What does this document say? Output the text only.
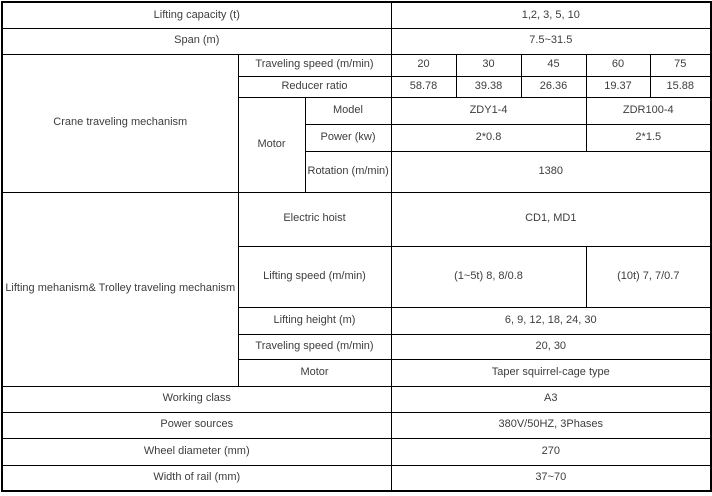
Lifting capacity (t)			1,2, 3, 5, 10				
Span (m)			7.5~31.5				
Crane traveling mechanism	Traveling speed (m/min)		20	30	45	60	75
	Reducer ratio		58.78	39.38	26.36	19.37	15.88
	Motor	Model	ZDY1-4			ZDR100-4	
		Power (kw)	2*0.8			2*1.5	
		Rotation (m/min)	1380				
Lifting mehanism& Trolley traveling mechanism	Electric hoist		CD1, MD1				
	Lifting speed (m/min)		(1~5t) 8, 8/0.8			(10t) 7, 7/0.7	
	Lifting height (m)		6, 9, 12, 18, 24, 30				
	Traveling speed (m/min)		20, 30				
	Motor		Taper squirrel-cage type				
Working class			A3				
Power sources			380V/50HZ, 3Phases				
Wheel diameter (mm)			270				
Width of rail (mm)			37~70				
